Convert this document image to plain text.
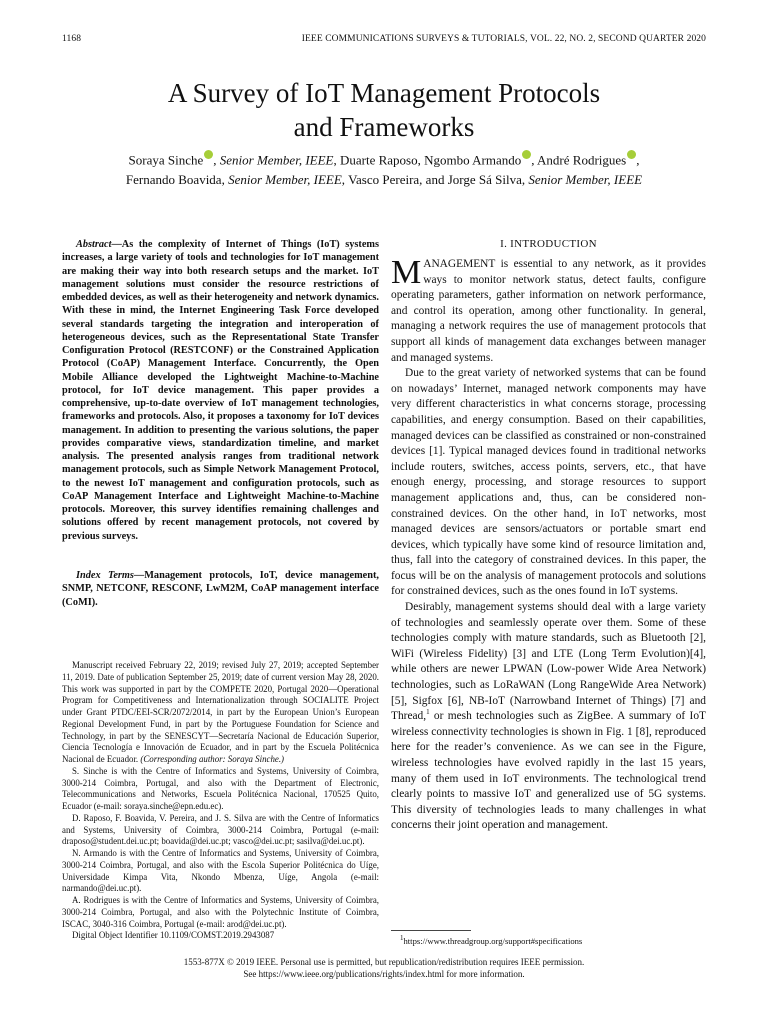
1168	IEEE COMMUNICATIONS SURVEYS & TUTORIALS, VOL. 22, NO. 2, SECOND QUARTER 2020
A Survey of IoT Management Protocols
and Frameworks
Soraya Sinche , Senior Member, IEEE, Duarte Raposo, Ngombo Armando , André Rodrigues ,
Fernando Boavida, Senior Member, IEEE, Vasco Pereira, and Jorge Sá Silva, Senior Member, IEEE

Abstract—As the complexity of Internet of Things (IoT) systems increases, a large variety of tools and technologies for IoT management are making their way into both research setups and the market. IoT management solutions must consider the resource restrictions of embedded devices, as well as their heterogeneity and network dynamics. With these in mind, the Internet Engineering Task Force developed several standards targeting the integration and interoperation of heterogeneous devices, such as the Representational State Transfer Configuration Protocol (RESTCONF) or the Constrained Application Protocol (CoAP) Management Interface. Concurrently, the Open Mobile Alliance developed the Lightweight Machine-to-Machine protocol, for IoT device management. This paper provides a comprehensive, up-to-date overview of IoT management technologies, frameworks and protocols. Also, it proposes a taxonomy for IoT devices management. In addition to presenting the various solutions, the paper provides comparative views, standardization timeline, and market analysis. The presented analysis ranges from traditional network management protocols, such as Simple Network Management Protocol, to the newest IoT management and configuration protocols, such as CoAP Management Interface and Lightweight Machine-to-Machine protocols. Moreover, this survey identifies remaining challenges and solutions offered by recent management protocols, not covered by previous surveys.

Index Terms—Management protocols, IoT, device management, SNMP, NETCONF, RESCONF, LwM2M, CoAP management interface (CoMI).

Manuscript received February 22, 2019; revised July 27, 2019; accepted September 11, 2019. Date of publication September 25, 2019; date of current version May 28, 2020. This work was supported in part by the COMPETE 2020, Portugal 2020—Operational Program for Competitiveness and Internationalization through SOCIALITE Project under Grant PTDC/EEI-SCR/2072/2014, in part by the European Union’s European Regional Development Fund, in part by the Portuguese Foundation for Science and Technology, in part by the SENESCYT—Secretaría Nacional de Educación Superior, Ciencia Tecnología e Innovación de Ecuador, and in part by the Escuela Politécnica Nacional de Ecuador. (Corresponding author: Soraya Sinche.)

S. Sinche is with the Centre of Informatics and Systems, University of Coimbra, 3000-214 Coimbra, Portugal, and also with the Department of Electronic, Telecommunications and Networks, Escuela Politécnica Nacional, 170525 Quito, Ecuador (e-mail: soraya.sinche@epn.edu.ec).

D. Raposo, F. Boavida, V. Pereira, and J. S. Silva are with the Centre of Informatics and Systems, University of Coimbra, 3000-214 Coimbra, Portugal (e-mail: draposo@student.dei.uc.pt; boavida@dei.uc.pt; vasco@dei.uc.pt; sasilva@dei.uc.pt).

N. Armando is with the Centre of Informatics and Systems, University of Coimbra, 3000-214 Coimbra, Portugal, and also with the Escola Superior Politécnica do Uíge, Universidade Kimpa Vita, Nkondo Mbenza, Uíge, Angola (e-mail: narmando@dei.uc.pt).

A. Rodrigues is with the Centre of Informatics and Systems, University of Coimbra, 3000-214 Coimbra, Portugal, and also with the Polytechnic Institute of Coimbra, ISCAC, 3040-316 Coimbra, Portugal (e-mail: arod@dei.uc.pt).

Digital Object Identifier 10.1109/COMST.2019.2943087

I. INTRODUCTION

MANAGEMENT is essential to any network, as it provides ways to monitor network status, detect faults, configure operating parameters, gather information on network performance, and control its operation, among other functionality. In general, managing a network requires the use of management protocols that support all kinds of management data exchanges between manager and managed systems.

Due to the great variety of networked systems that can be found on nowadays’ Internet, managed network components may have very different characteristics in what concerns storage, processing capabilities, and energy consumption. Based on their capabilities, managed devices can be classified as constrained or non-constrained devices [1]. Typical managed devices found in traditional networks include routers, switches, access points, servers, etc., that have enough energy, processing, and storage resources to support management applications and, thus, can be considered non-constrained devices. On the other hand, in IoT networks, most managed devices are sensors/actuators or portable smart end devices, which typically have some kind of resource limitation and, thus, fall into the category of constrained devices. In this paper, the focus will be on the analysis of management protocols and solutions for constrained devices, such as the ones found in IoT systems.

Desirably, management systems should deal with a large variety of technologies and seamlessly operate over them. Some of these technologies comply with mature standards, such as Bluetooth [2], WiFi (Wireless Fidelity) [3] and LTE (Long Term Evolution)[4], while others are newer LPWAN (Low-power Wide Area Network) technologies, such as LoRaWAN (Long RangeWide Area Network) [5], Sigfox [6], NB-IoT (Narrowband Internet of Things) [7] and Thread,$^1$ or mesh technologies such as ZigBee. A summary of IoT wireless connectivity technologies is shown in Fig. 1 [8], reproduced here for the reader’s convenience. As we can see in the Figure, wireless technologies have evolved rapidly in the last 15 years, many of them used in IoT environments. The technological trend clearly points to massive IoT and generalized use of 5G systems. This diversity of technologies leads to many challenges in what concerns their joint operation and management.

$^1$https://www.threadgroup.org/support#specifications
1553-877X © 2019 IEEE. Personal use is permitted, but republication/redistribution requires IEEE permission.
See https://www.ieee.org/publications/rights/index.html for more information.
